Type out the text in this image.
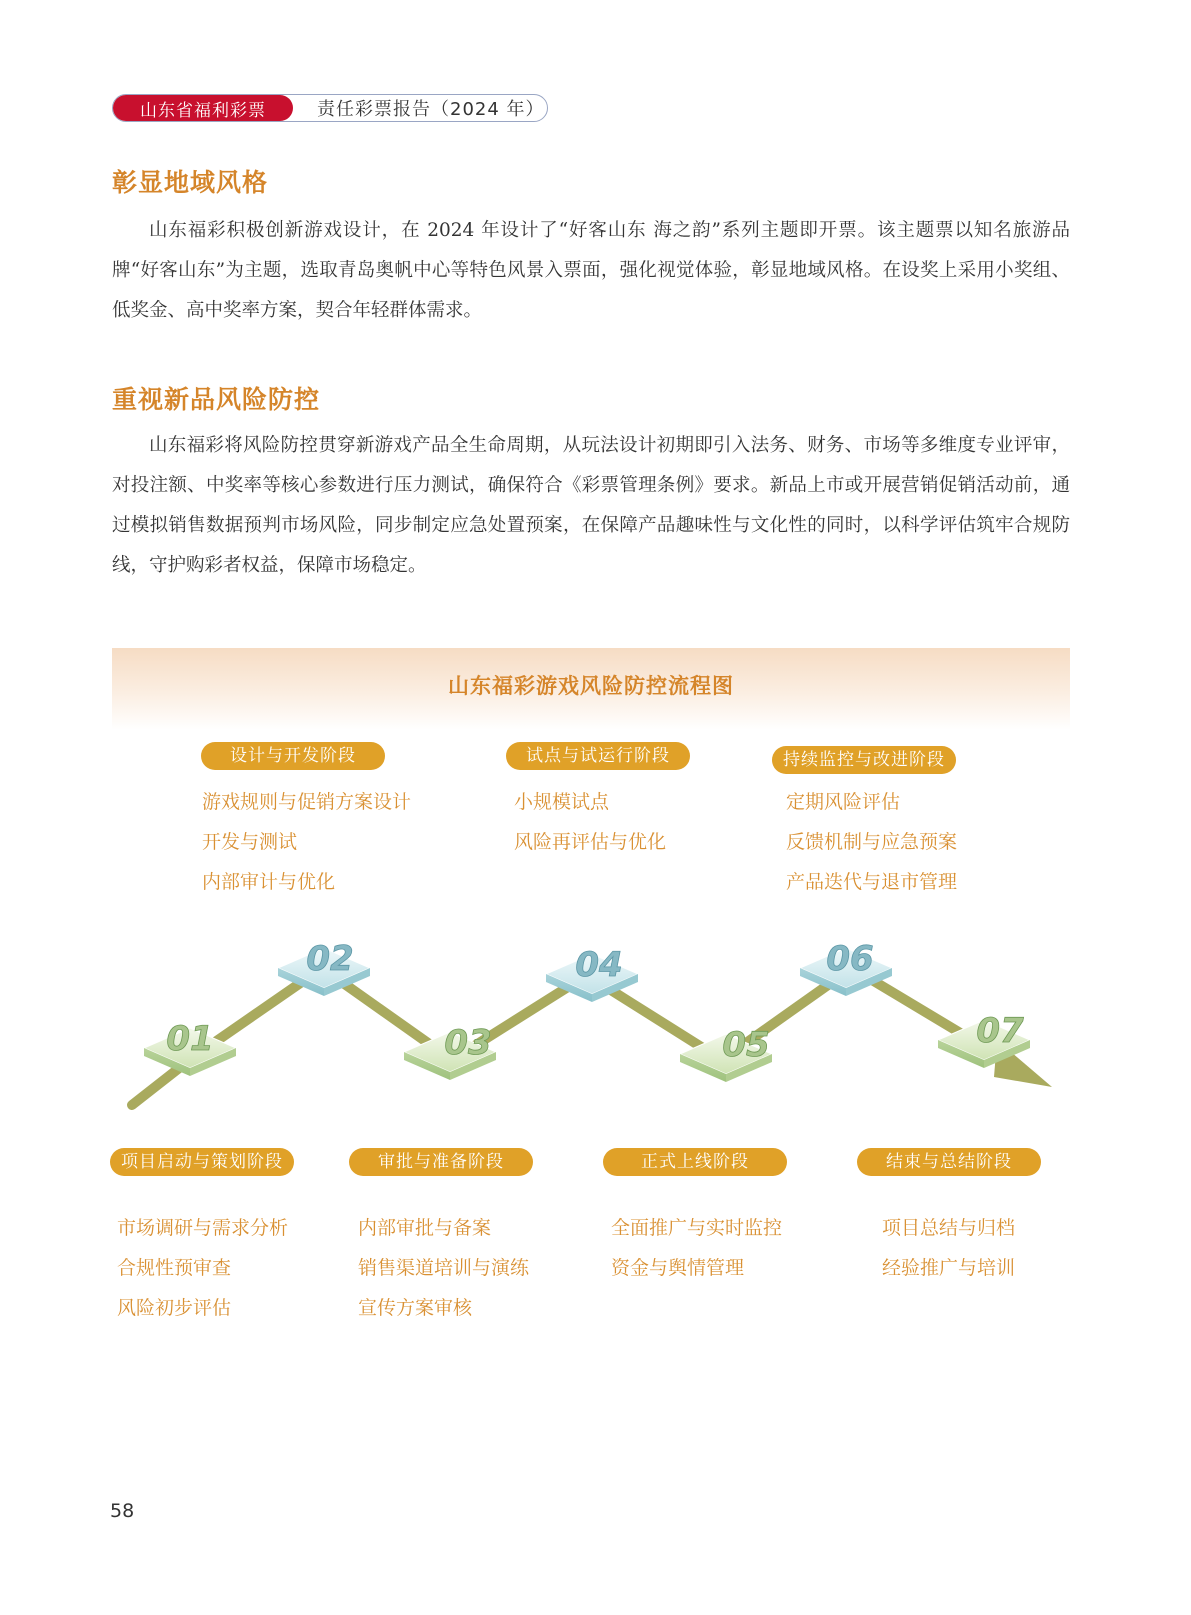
山东省福利彩票	责任彩票报告（2024 年）
彰显地域风格

山东福彩积极创新游戏设计，在 2024 年设计了“好客山东 海之韵”系列主题即开票。该主题票以知名旅游品牌“好客山东”为主题，选取青岛奥帆中心等特色风景入票面，强化视觉体验，彰显地域风格。在设奖上采用小奖组、低奖金、高中奖率方案，契合年轻群体需求。

重视新品风险防控

山东福彩将风险防控贯穿新游戏产品全生命周期，从玩法设计初期即引入法务、财务、市场等多维度专业评审，对投注额、中奖率等核心参数进行压力测试，确保符合《彩票管理条例》要求。新品上市或开展营销促销活动前，通过模拟销售数据预判市场风险，同步制定应急处置预案，在保障产品趣味性与文化性的同时，以科学评估筑牢合规防线，守护购彩者权益，保障市场稳定。

山东福彩游戏风险防控流程图
设计与开发阶段
游戏规则与促销方案设计
开发与测试
内部审计与优化
试点与试运行阶段
小规模试点
风险再评估与优化
持续监控与改进阶段
定期风险评估
反馈机制与应急预案
产品迭代与退市管理
01
02
03
04
05
06
07
项目启动与策划阶段
市场调研与需求分析
合规性预审查
风险初步评估
审批与准备阶段
内部审批与备案
销售渠道培训与演练
宣传方案审核
正式上线阶段
全面推广与实时监控
资金与舆情管理
结束与总结阶段
项目总结与归档
经验推广与培训
58
